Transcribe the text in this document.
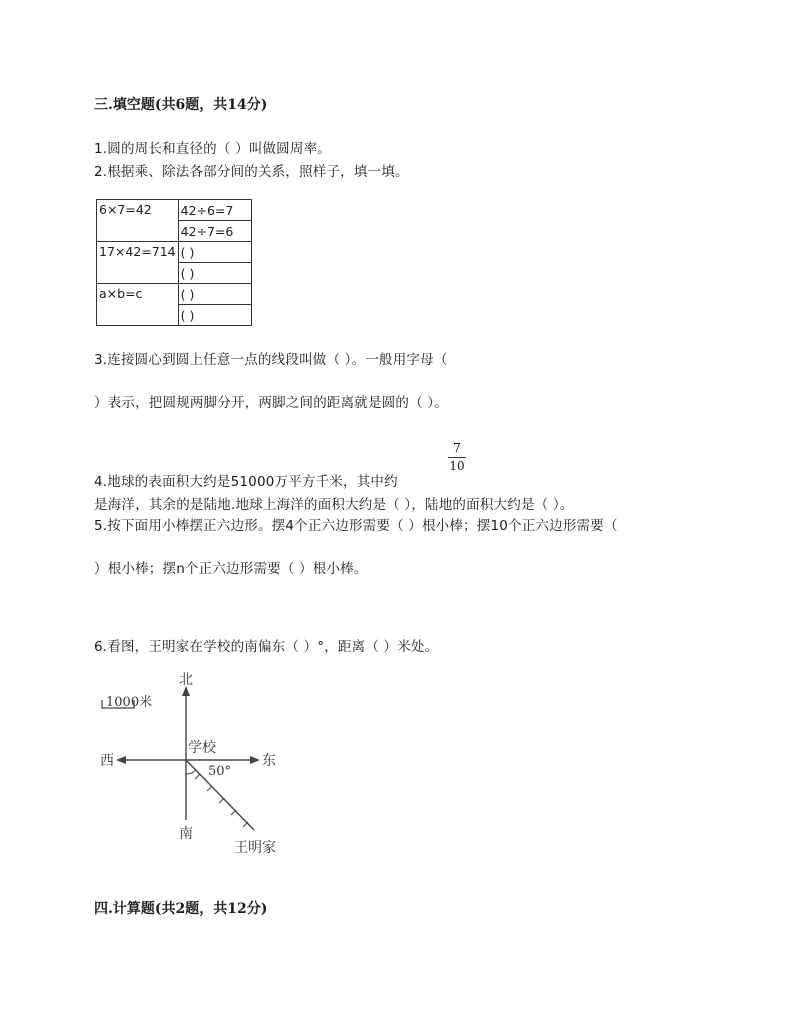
三.填空题(共6题，共14分)
1.圆的周长和直径的（ ）叫做圆周率。
2.根据乘、除法各部分间的关系，照样子，填一填。
6×7=42	42÷6=7
	42÷7=6
17×42=714	( )
	( )
a×b=c	( )
	( )
3.连接圆心到圆上任意一点的线段叫做（ ）。一般用字母（
）表示，把圆规两脚分开，两脚之间的距离就是圆的（ ）。
7
10
4.地球的表面积大约是51000万平方千米，其中约
是海洋，其余的是陆地.地球上海洋的面积大约是（ ），陆地的面积大约是（ ）。
5.按下面用小棒摆正六边形。摆4个正六边形需要（ ）根小棒；摆10个正六边形需要（
）根小棒；摆n个正六边形需要（ ）根小棒。
6.看图，王明家在学校的南偏东（ ）°，距离（ ）米处。
1000米
北
南
西	东
学校
50°
王明家
四.计算题(共2题，共12分)
